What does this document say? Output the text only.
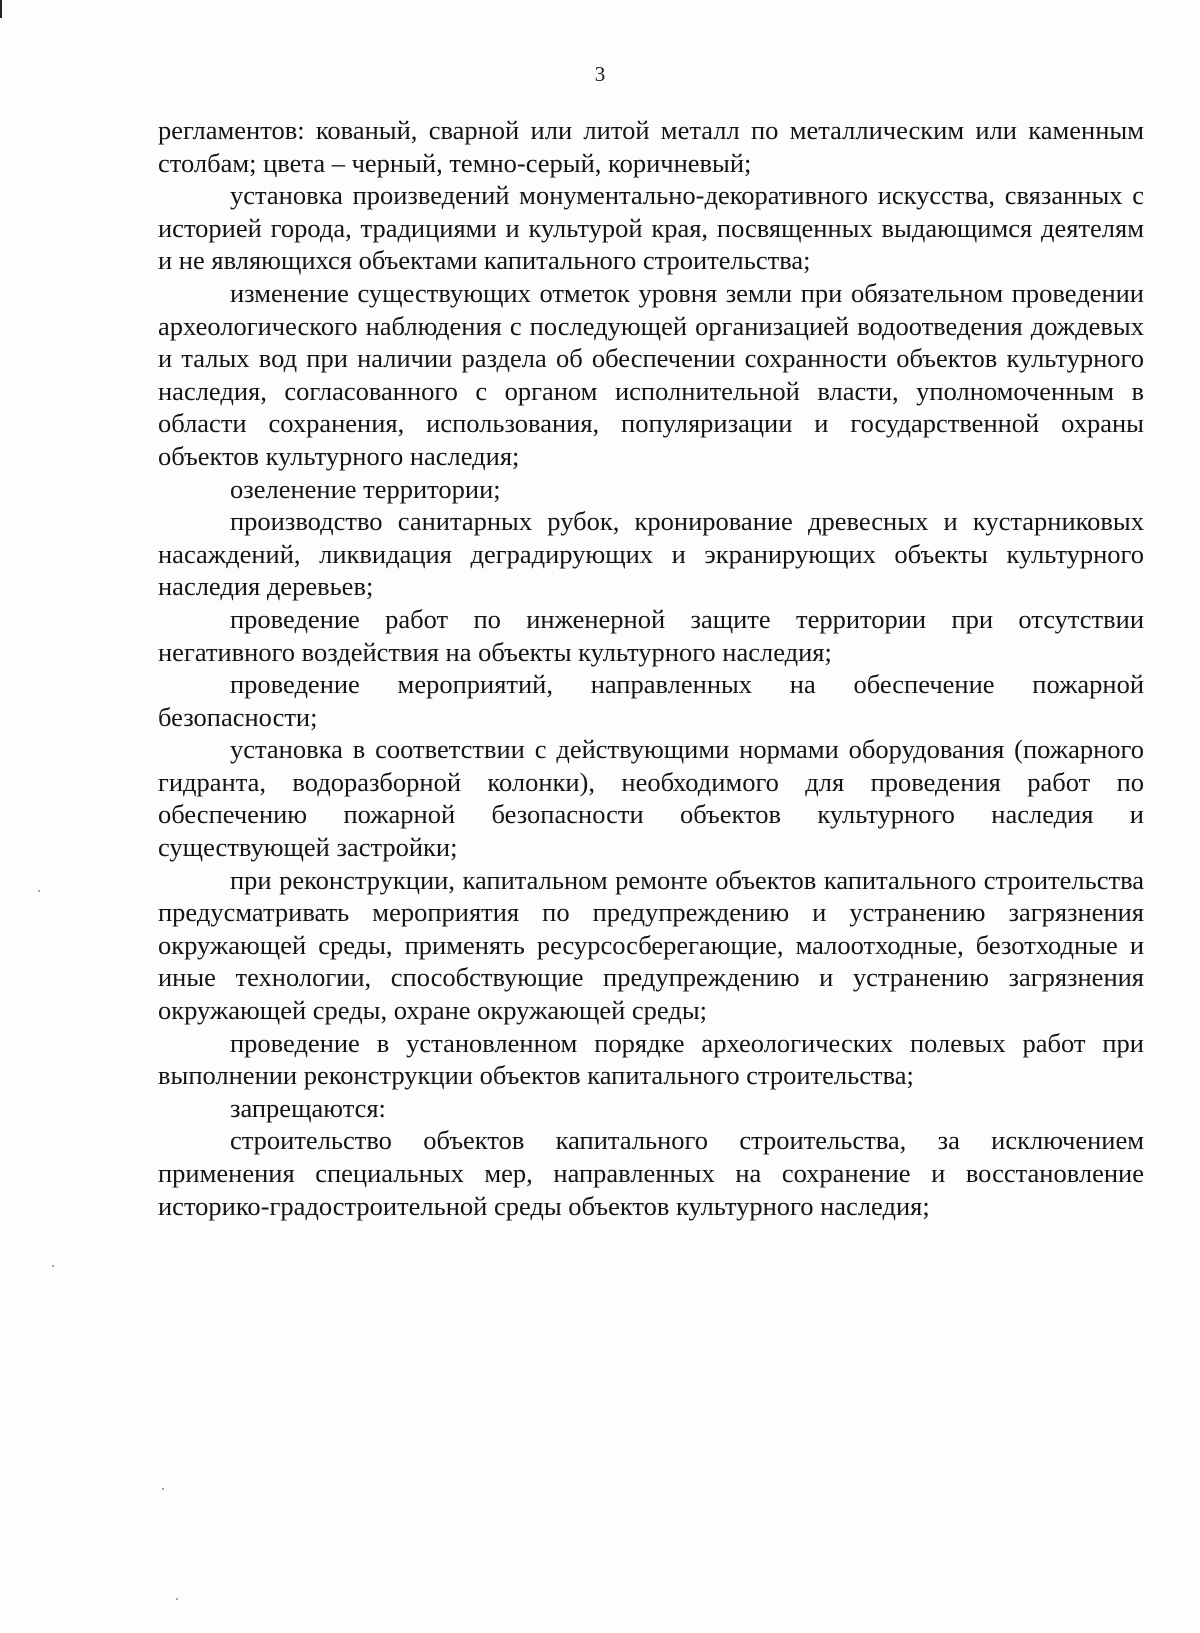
3

регламентов: кованый, сварной или литой металл по металлическим или каменным столбам; цвета – черный, темно-серый, коричневый;

установка произведений монументально-декоративного искусства, связанных с историей города, традициями и культурой края, посвященных выдающимся деятелям и не являющихся объектами капитального строительства;

изменение существующих отметок уровня земли при обязательном проведении археологического наблюдения с последующей организацией водоотведения дождевых и талых вод при наличии раздела об обеспечении сохранности объектов культурного наследия, согласованного с органом исполнительной власти, уполномоченным в области сохранения, использования, популяризации и государственной охраны объектов культурного наследия;

озеленение территории;

производство санитарных рубок, кронирование древесных и кустарниковых насаждений, ликвидация деградирующих и экранирующих объекты культурного наследия деревьев;

проведение работ по инженерной защите территории при отсутствии негативного воздействия на объекты культурного наследия;

проведение мероприятий, направленных на обеспечение пожарной безопасности;

установка в соответствии с действующими нормами оборудования (пожарного гидранта, водоразборной колонки), необходимого для проведения работ по обеспечению пожарной безопасности объектов культурного наследия и существующей застройки;

при реконструкции, капитальном ремонте объектов капитального строительства предусматривать мероприятия по предупреждению и устранению загрязнения окружающей среды, применять ресурсосберегающие, малоотходные, безотходные и иные технологии, способствующие предупреждению и устранению загрязнения окружающей среды, охране окружающей среды;

проведение в установленном порядке археологических полевых работ при выполнении реконструкции объектов капитального строительства;

запрещаются:

строительство объектов капитального строительства, за исключением применения специальных мер, направленных на сохранение и восстановление историко-градостроительной среды объектов культурного наследия;
